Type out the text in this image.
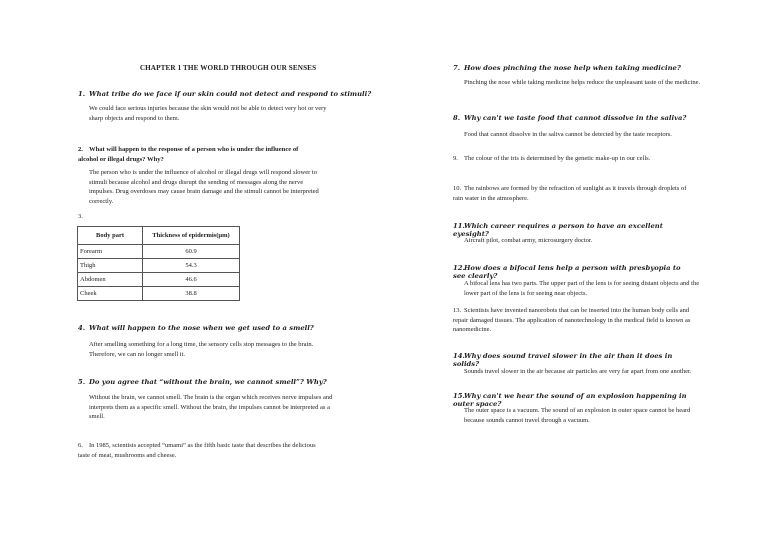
CHAPTER 1 THE WORLD THROUGH OUR SENSES
1. What tribe do we face if our skin could not detect and respond to stimuli?
We could face serious injuries because the skin would not be able to detect very hot or very sharp objects and respond to them.
2. What will happen to the response of a person who is under the influence of alcohol or illegal drugs? Why?
The person who is under the influence of alcohol or illegal drugs will respond slower to stimuli because alcohol and drugs disrupt the sending of messages along the nerve impulses. Drug overdoses may cause brain damage and the stimuli cannot be interpreted correctly.
3.
4. What will happen to the nose when we get used to a smell?
After smelling something for a long time, the sensory cells stop messages to the brain. Therefore, we can no longer smell it.
5. Do you agree that “without the brain, we cannot smell”? Why?
Without the brain, we cannot smell. The brain is the organ which receives nerve impulses and interprets them as a specific smell. Without the brain, the impulses cannot be interpreted as a smell.
6. In 1985, scientists accepted “umami” as the fifth basic taste that describes the delicious taste of meat, mushrooms and cheese.
Body part	Thickness of epidermis(µm)
Forearm	60.9
Thigh	54.3
Abdomen	46.6
Cheek	38.8
7. How does pinching the nose help when taking medicine?
Pinching the nose while taking medicine helps reduce the unpleasant taste of the medicine.
8. Why can't we taste food that cannot dissolve in the saliva?
Food that cannot dissolve in the saliva cannot be detected by the taste receptors.
9. The colour of the iris is determined by the genetic make-up in our cells.
10. The rainbows are formed by the refraction of sunlight as it travels through droplets of rain water in the atmosphere.
11.Which career requires a person to have an excellent eyesight?
Aircraft pilot, combat army, microsurgery doctor.
12.How does a bifocal lens help a person with presbyopia to see clearly?
A bifocal lens has two parts. The upper part of the lens is for seeing distant objects and the lower part of the lens is for seeing near objects.
13. Scientists have invented nanorobots that can be inserted into the human body cells and repair damaged tissues. The application of nanotechnology in the medical field is known as nanomedicine.
14.Why does sound travel slower in the air than it does in solids?
Sounds travel slower in the air because air particles are very far apart from one another.
15.Why can't we hear the sound of an explosion happening in outer space?
The outer space is a vacuum. The sound of an explosion in outer space cannot be heard because sounds cannot travel through a vacuum.
